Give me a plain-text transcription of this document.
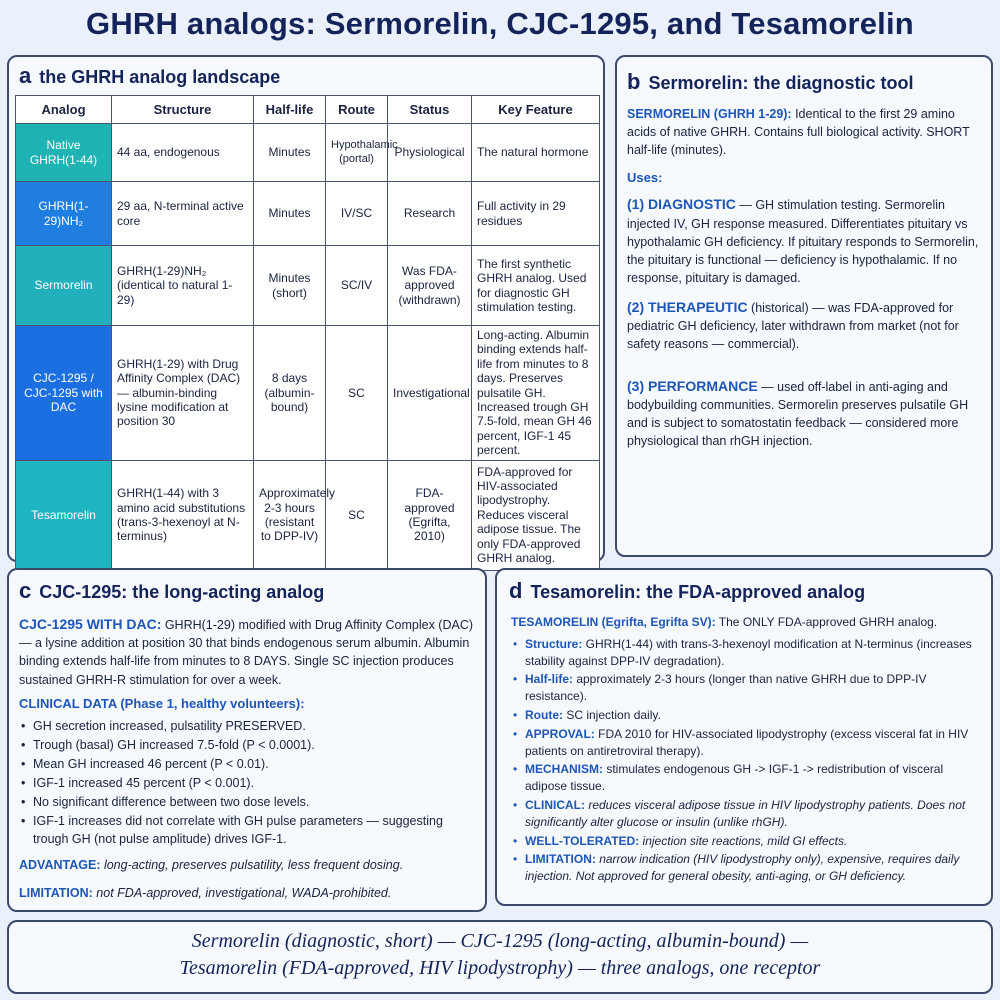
GHRH analogs: Sermorelin, CJC-1295, and Tesamorelin
a the GHRH analog landscape
Analog	Structure	Half-life	Route	Status	Key Feature
Native GHRH(1-44)	44 aa, endogenous	Minutes	Hypothalamic (portal)	Physiological	The natural hormone
GHRH(1-29)NH₂	29 aa, N-terminal active core	Minutes	IV/SC	Research	Full activity in 29 residues
Sermorelin	GHRH(1-29)NH₂ (identical to natural 1-29)	Minutes (short)	SC/IV	Was FDA-approved (withdrawn)	The first synthetic GHRH analog. Used for diagnostic GH stimulation testing.
CJC-1295 / CJC-1295 with DAC	GHRH(1-29) with Drug Affinity Complex (DAC) — albumin-binding lysine modification at position 30	8 days (albumin-bound)	SC	Investigational	Long-acting. Albumin binding extends half-life from minutes to 8 days. Preserves pulsatile GH. Increased trough GH 7.5-fold, mean GH 46 percent, IGF-1 45 percent.
Tesamorelin	GHRH(1-44) with 3 amino acid substitutions (trans-3-hexenoyl at N-terminus)	Approximately 2-3 hours (resistant to DPP-IV)	SC	FDA-approved (Egrifta, 2010)	FDA-approved for HIV-associated lipodystrophy. Reduces visceral adipose tissue. The only FDA-approved GHRH analog.
b Sermorelin: the diagnostic tool

SERMORELIN (GHRH 1-29): Identical to the first 29 amino acids of native GHRH. Contains full biological activity. SHORT half-life (minutes).

Uses:

(1) DIAGNOSTIC — GH stimulation testing. Sermorelin injected IV, GH response measured. Differentiates pituitary vs hypothalamic GH deficiency. If pituitary responds to Sermorelin, the pituitary is functional — deficiency is hypothalamic. If no response, pituitary is damaged.

(2) THERAPEUTIC (historical) — was FDA-approved for pediatric GH deficiency, later withdrawn from market (not for safety reasons — commercial).

(3) PERFORMANCE — used off-label in anti-aging and bodybuilding communities. Sermorelin preserves pulsatile GH and is subject to somatostatin feedback — considered more physiological than rhGH injection.

c CJC-1295: the long-acting analog

CJC-1295 WITH DAC: GHRH(1-29) modified with Drug Affinity Complex (DAC) — a lysine addition at position 30 that binds endogenous serum albumin. Albumin binding extends half-life from minutes to 8 DAYS. Single SC injection produces sustained GHRH-R stimulation for over a week.

CLINICAL DATA (Phase 1, healthy volunteers):
• GH secretion increased, pulsatility PRESERVED.
• Trough (basal) GH increased 7.5-fold (P < 0.0001).
• Mean GH increased 46 percent (P < 0.01).
• IGF-1 increased 45 percent (P < 0.001).
• No significant difference between two dose levels.
• IGF-1 increases did not correlate with GH pulse parameters — suggesting trough GH (not pulse amplitude) drives IGF-1.

ADVANTAGE: long-acting, preserves pulsatility, less frequent dosing.

LIMITATION: not FDA-approved, investigational, WADA-prohibited.

d Tesamorelin: the FDA-approved analog

TESAMORELIN (Egrifta, Egrifta SV): The ONLY FDA-approved GHRH analog.

• Structure: GHRH(1-44) with trans-3-hexenoyl modification at N-terminus (increases stability against DPP-IV degradation).
• Half-life: approximately 2-3 hours (longer than native GHRH due to DPP-IV resistance).
• Route: SC injection daily.
• APPROVAL: FDA 2010 for HIV-associated lipodystrophy (excess visceral fat in HIV patients on antiretroviral therapy).
• MECHANISM: stimulates endogenous GH -> IGF-1 -> redistribution of visceral adipose tissue.
• CLINICAL: reduces visceral adipose tissue in HIV lipodystrophy patients. Does not significantly alter glucose or insulin (unlike rhGH).
• WELL-TOLERATED: injection site reactions, mild GI effects.
• LIMITATION: narrow indication (HIV lipodystrophy only), expensive, requires daily injection. Not approved for general obesity, anti-aging, or GH deficiency.
Sermorelin (diagnostic, short) — CJC-1295 (long-acting, albumin-bound) —
Tesamorelin (FDA-approved, HIV lipodystrophy) — three analogs, one receptor
